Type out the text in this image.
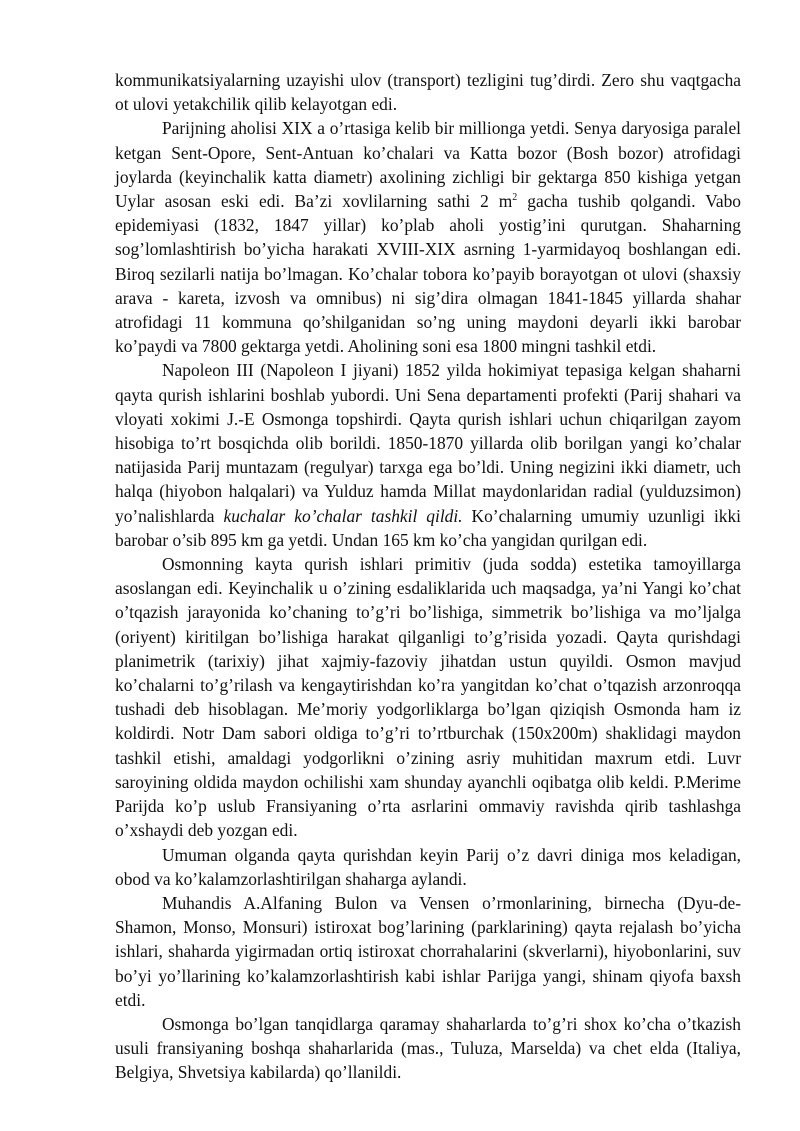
kommunikatsiyalarning uzayishi ulov (transport) tezligini tug’dirdi. Zero shu vaqtgacha ot ulovi yetakchilik qilib kelayotgan edi.

Parijning aholisi XIX a o’rtasiga kelib bir millionga yetdi. Senya daryosiga paralel ketgan Sent-Opore, Sent-Antuan ko’chalari va Katta bozor (Bosh bozor) atrofidagi joylarda (keyinchalik katta diametr) axolining zichligi bir gektarga 850 kishiga yetgan Uylar asosan eski edi. Ba’zi xovlilarning sathi 2 $m^2$ gacha tushib qolgandi. Vabo epidemiyasi (1832, 1847 yillar) ko’plab aholi yostig’ini qurutgan. Shaharning sog’lomlashtirish bo’yicha harakati XVIII-XIX asrning 1-yarmidayoq boshlangan edi. Biroq sezilarli natija bo’lmagan. Ko’chalar tobora ko’payib borayotgan ot ulovi (shaxsiy arava - kareta, izvosh va omnibus) ni sig’dira olmagan 1841-1845 yillarda shahar atrofidagi 11 kommuna qo’shilganidan so’ng uning maydoni deyarli ikki barobar ko’paydi va 7800 gektarga yetdi. Aholining soni esa 1800 mingni tashkil etdi.

Napoleon III (Napoleon I jiyani) 1852 yilda hokimiyat tepasiga kelgan shaharni qayta qurish ishlarini boshlab yubordi. Uni Sena departamenti profekti (Parij shahari va vloyati xokimi J.-E Osmonga topshirdi. Qayta qurish ishlari uchun chiqarilgan zayom hisobiga to’rt bosqichda olib borildi. 1850-1870 yillarda olib borilgan yangi ko’chalar natijasida Parij muntazam (regulyar) tarxga ega bo’ldi. Uning negizini ikki diametr, uch halqa (hiyobon halqalari) va Yulduz hamda Millat maydonlaridan radial (yulduzsimon) yo’nalishlarda kuchalar ko’chalar tashkil qildi. Ko’chalarning umumiy uzunligi ikki barobar o’sib 895 km ga yetdi. Undan 165 km ko’cha yangidan qurilgan edi.

Osmonning kayta qurish ishlari primitiv (juda sodda) estetika tamoyillarga asoslangan edi. Keyinchalik u o’zining esdaliklarida uch maqsadga, ya’ni Yangi ko’chat o’tqazish jarayonida ko’chaning to’g’ri bo’lishiga, simmetrik bo’lishiga va mo’ljalga (oriyent) kiritilgan bo’lishiga harakat qilganligi to’g’risida yozadi. Qayta qurishdagi planimetrik (tarixiy) jihat xajmiy-fazoviy jihatdan ustun quyildi. Osmon mavjud ko’chalarni to’g’rilash va kengaytirishdan ko’ra yangitdan ko’chat o’tqazish arzonroqqa tushadi deb hisoblagan. Me’moriy yodgorliklarga bo’lgan qiziqish Osmonda ham iz koldirdi. Notr Dam sabori oldiga to’g’ri to’rtburchak (150x200m) shaklidagi maydon tashkil etishi, amaldagi yodgorlikni o’zining asriy muhitidan maxrum etdi. Luvr saroyining oldida maydon ochilishi xam shunday ayanchli oqibatga olib keldi. P.Merime Parijda ko’p uslub Fransiyaning o’rta asrlarini ommaviy ravishda qirib tashlashga o’xshaydi deb yozgan edi.

Umuman olganda qayta qurishdan keyin Parij o’z davri diniga mos keladigan, obod va ko’kalamzorlashtirilgan shaharga aylandi.

Muhandis A.Alfaning Bulon va Vensen o’rmonlarining, birnecha (Dyu-de-Shamon, Monso, Monsuri) istiroxat bog’larining (parklarining) qayta rejalash bo’yicha ishlari, shaharda yigirmadan ortiq istiroxat chorrahalarini (skverlarni), hiyobonlarini, suv bo’yi yo’llarining ko’kalamzorlashtirish kabi ishlar Parijga yangi, shinam qiyofa baxsh etdi.

Osmonga bo’lgan tanqidlarga qaramay shaharlarda to’g’ri shox ko’cha o’tkazish usuli fransiyaning boshqa shaharlarida (mas., Tuluza, Marselda) va chet elda (Italiya, Belgiya, Shvetsiya kabilarda) qo’llanildi.
